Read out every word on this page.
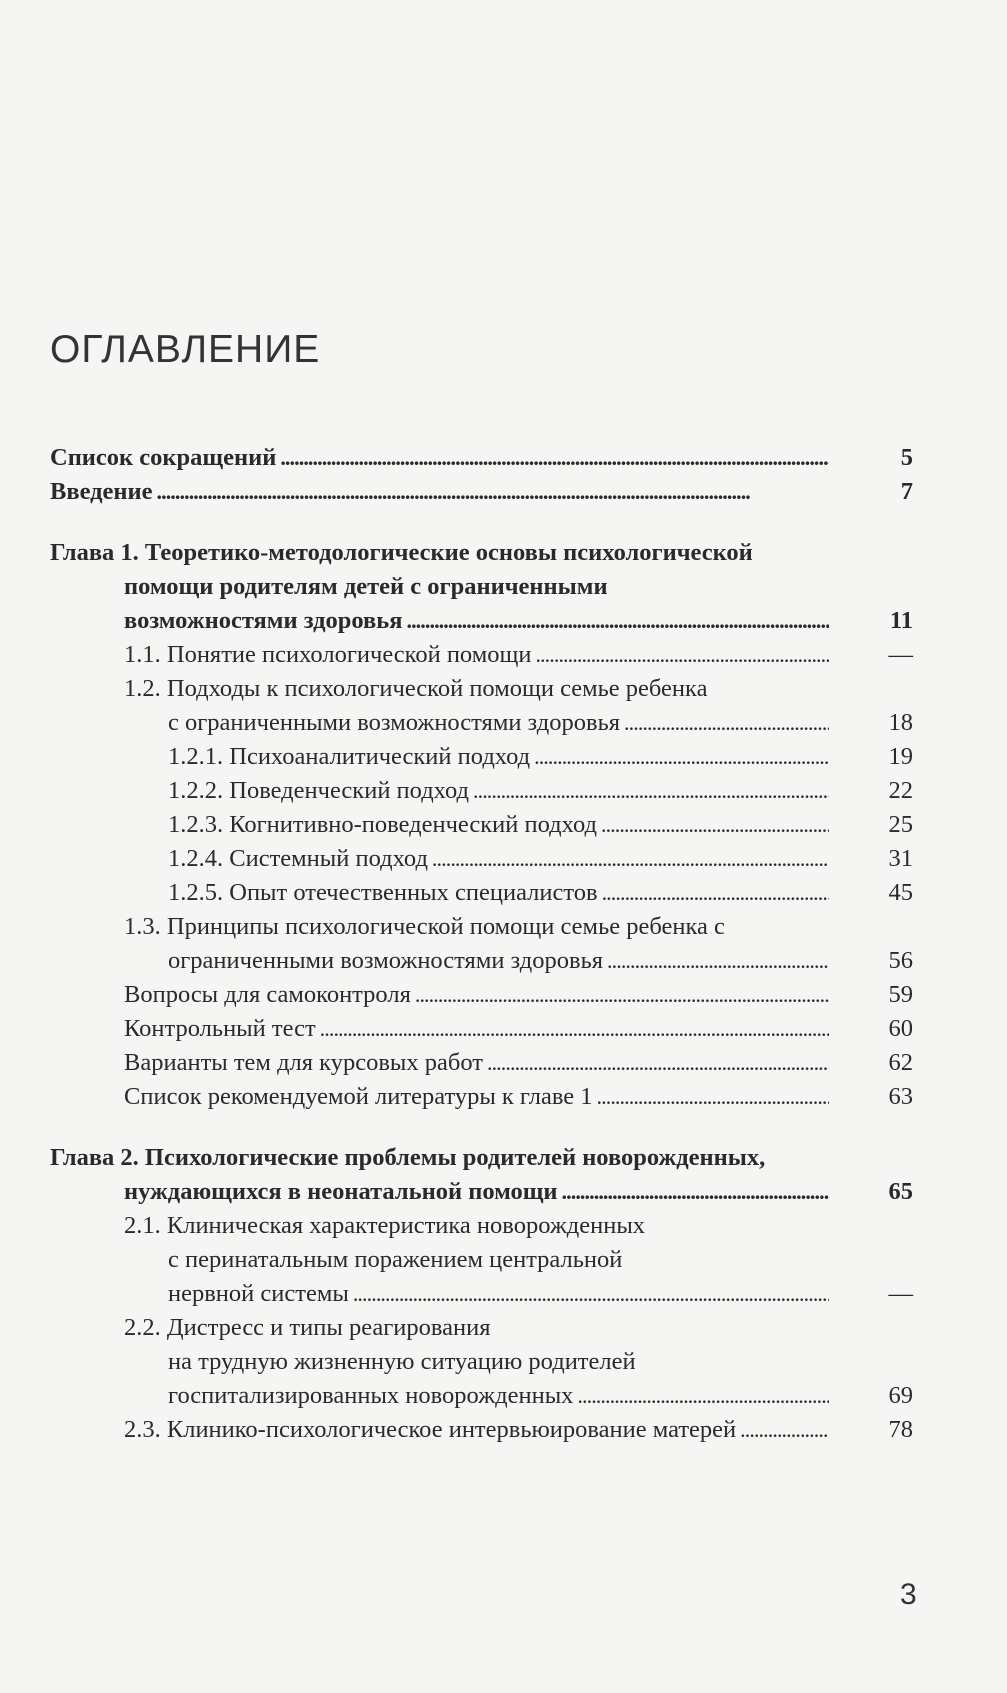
ОГЛАВЛЕНИЕ
Список сокращений . . .	5
Введение . . .	7
Глава 1. Теоретико-методологические основы психологической
помощи родителям детей с ограниченными
возможностями здоровья . . .	11
1.1. Понятие психологической помощи . . .	—
1.2. Подходы к психологической помощи семье ребенка
с ограниченными возможностями здоровья . . .	18
1.2.1. Психоаналитический подход . . .	19
1.2.2. Поведенческий подход . . .	22
1.2.3. Когнитивно-поведенческий подход . . .	25
1.2.4. Системный подход . . .	31
1.2.5. Опыт отечественных специалистов . . .	45
1.3. Принципы психологической помощи семье ребенка с
ограниченными возможностями здоровья . . .	56
Вопросы для самоконтроля . . .	59
Контрольный тест . . .	60
Варианты тем для курсовых работ . . .	62
Список рекомендуемой литературы к главе 1 . . .	63
Глава 2. Психологические проблемы родителей новорожденных,
нуждающихся в неонатальной помощи . . .	65
2.1. Клиническая характеристика новорожденных
с перинатальным поражением центральной
нервной системы . . .	—
2.2. Дистресс и типы реагирования
на трудную жизненную ситуацию родителей
госпитализированных новорожденных . . .	69
2.3. Клинико-психологическое интервьюирование матерей . . .	78
3
